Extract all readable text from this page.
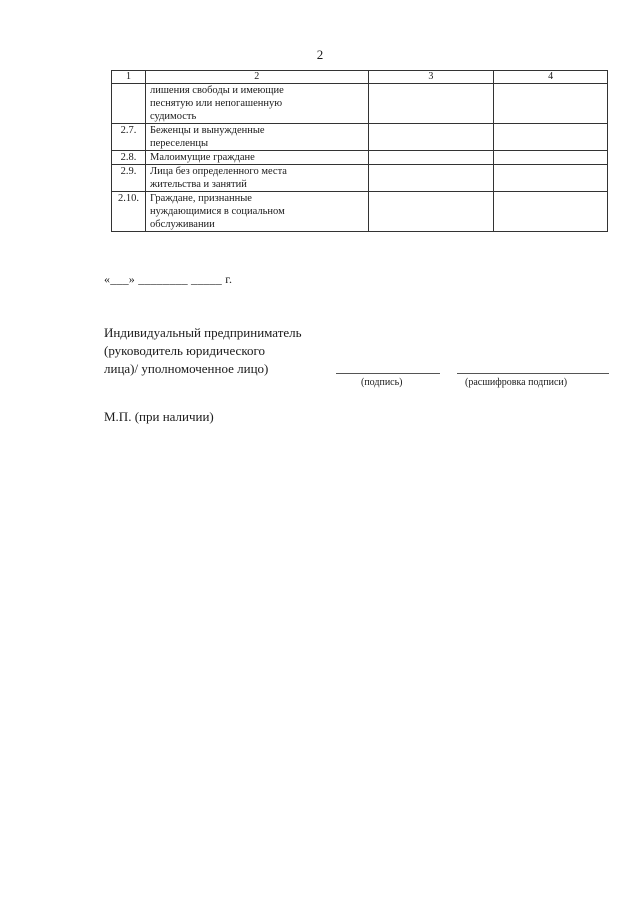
2
1	2	3	4
	лишения свободы и имеющие
песнятую или непогашенную
судимость		
2.7.	Беженцы и вынужденные
переселенцы		
2.8.	Малоимущие граждане		
2.9.	Лица без определенного места
жительства и занятий		
2.10.	Граждане, признанные
нуждающимися в социальном
обслуживании		
«___» ________ _____ г.
Индивидуальный предприниматель
(руководитель юридического
лица)/ уполномоченное лицо)
(подпись)	(расшифровка подписи)
М.П. (при наличии)
